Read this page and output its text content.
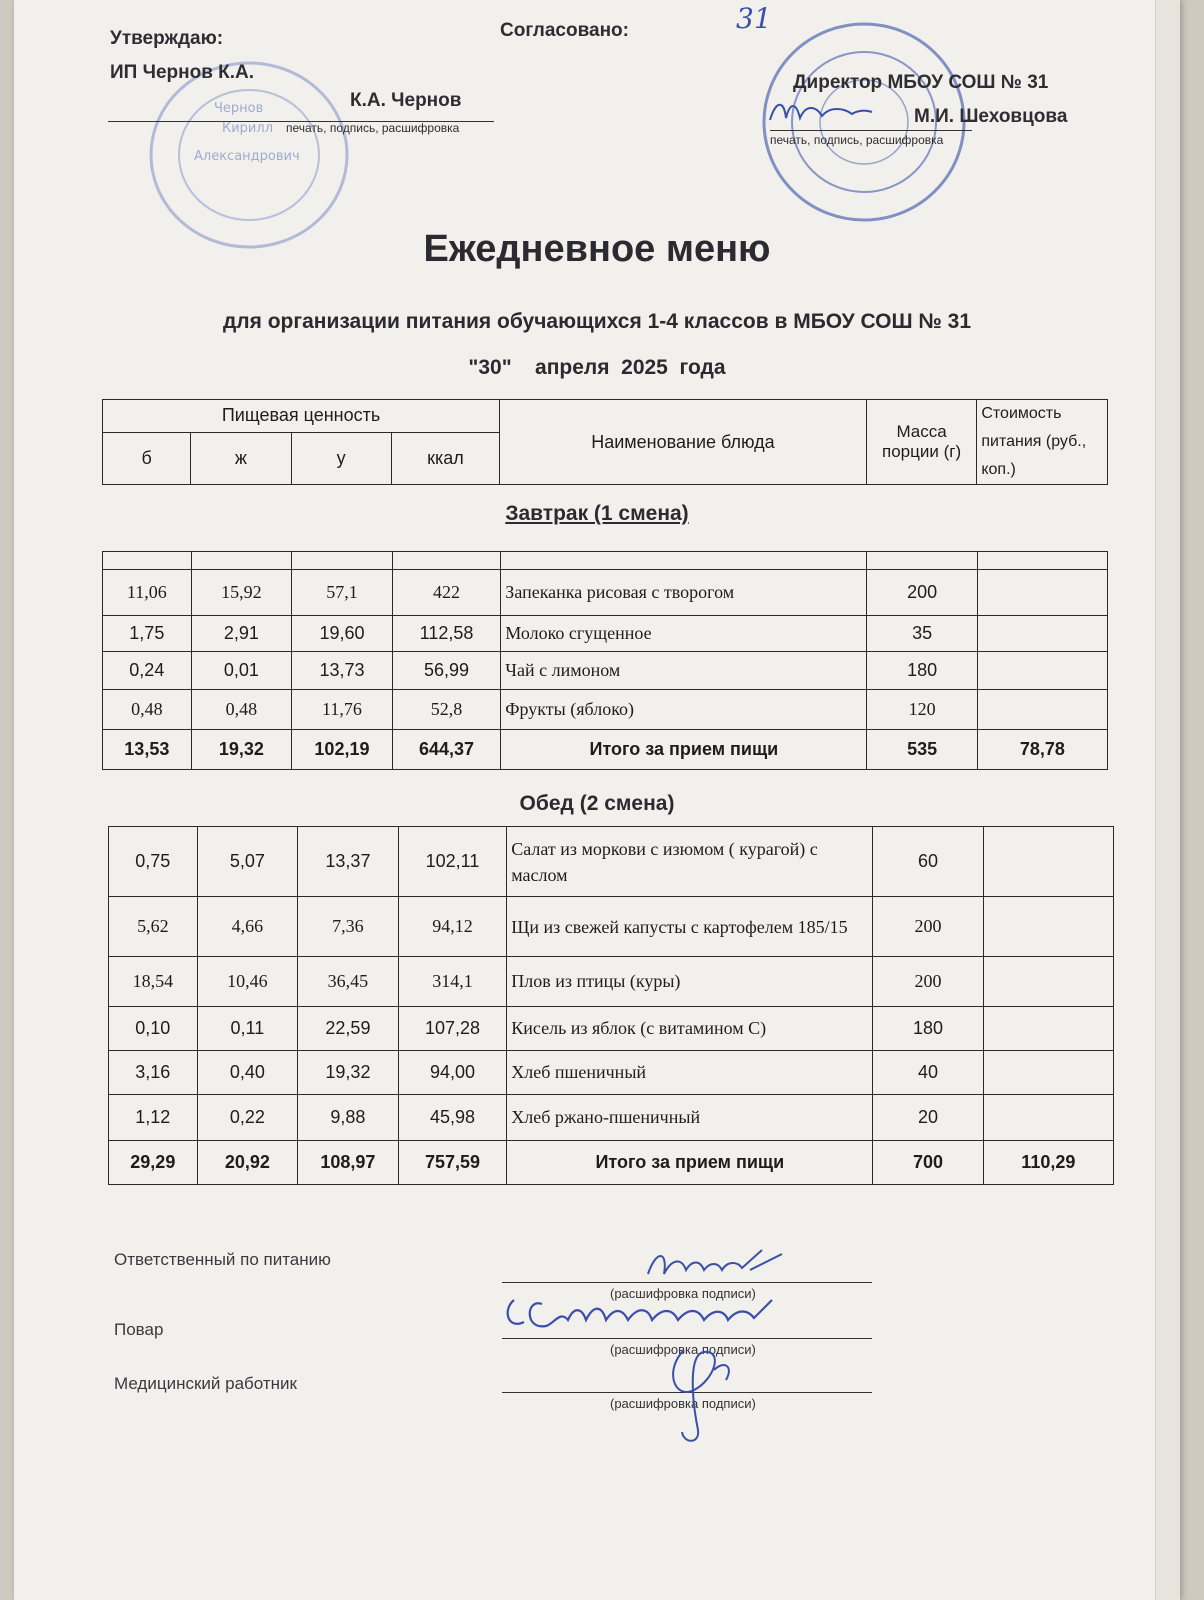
31
Чернов
Кирилл
Александрович
Утверждаю:
ИП Чернов К.А.
К.А. Чернов
печать, подпись, расшифровка
Согласовано:
Директор МБОУ СОШ № 31
М.И. Шеховцова
печать, подпись, расшифровка
Ежедневное меню
для организации питания обучающихся 1-4 классов в МБОУ СОШ № 31
"30"    апреля  2025  года
Пищевая ценность				Наименование блюда	Масса порции (г)	Стоимость питания (руб., коп.)
б	ж	у	ккал			
Завтрак (1 смена)

11,06	15,92	57,1	422	Запеканка рисовая с творогом	200	
1,75	2,91	19,60	112,58	Молоко сгущенное	35	
0,24	0,01	13,73	56,99	Чай с лимоном	180	
0,48	0,48	11,76	52,8	Фрукты (яблоко)	120	
13,53	19,32	102,19	644,37	Итого за прием пищи	535	78,78
Обед (2 смена)
0,75	5,07	13,37	102,11	Салат из моркови с изюмом ( курагой) с маслом	60	
5,62	4,66	7,36	94,12	Щи из свежей капусты с картофелем 185/15	200	
18,54	10,46	36,45	314,1	Плов из птицы (куры)	200	
0,10	0,11	22,59	107,28	Кисель из яблок (с витамином С)	180	
3,16	0,40	19,32	94,00	Хлеб пшеничный	40	
1,12	0,22	9,88	45,98	Хлеб ржано-пшеничный	20	
29,29	20,92	108,97	757,59	Итого за прием пищи	700	110,29
Ответственный по питанию
(расшифровка подписи)
Повар
(расшифровка подписи)
Медицинский работник
(расшифровка подписи)
